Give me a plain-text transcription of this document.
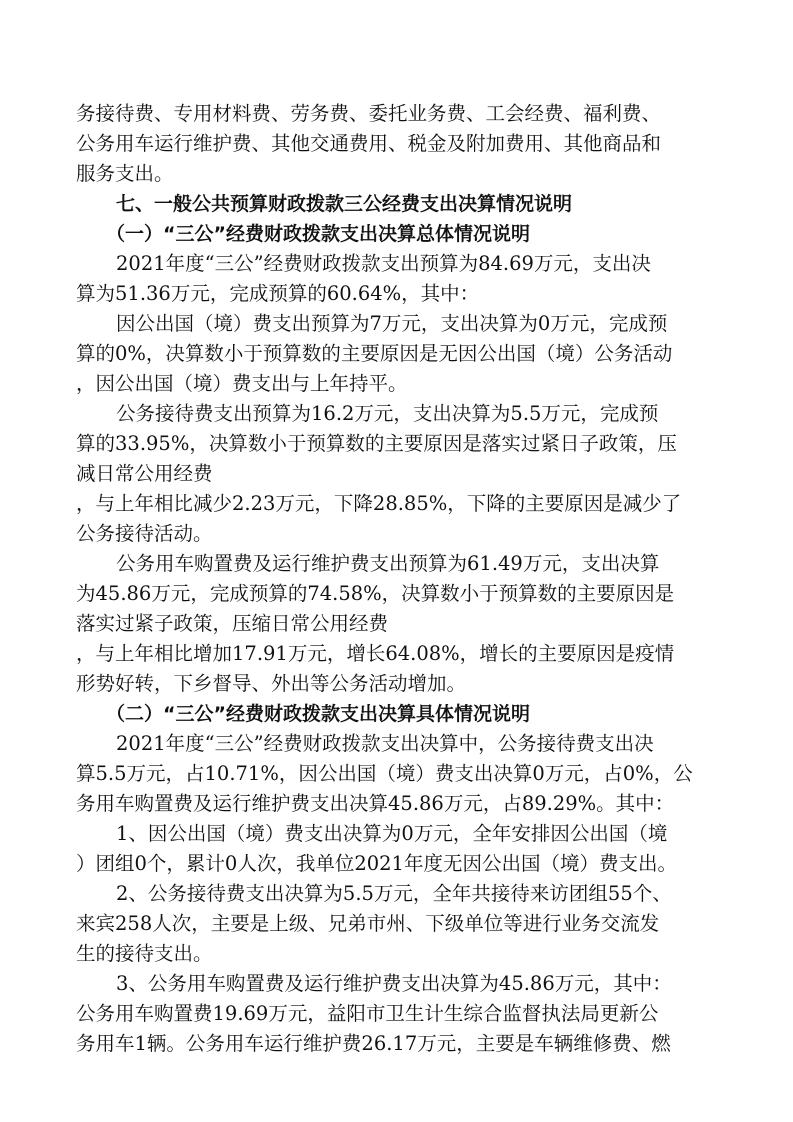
务接待费、专用材料费、劳务费、委托业务费、工会经费、福利费、
公务用车运行维护费、其他交通费用、税金及附加费用、其他商品和
服务支出。
七、一般公共预算财政拨款三公经费支出决算情况说明
（一）“三公”经费财政拨款支出决算总体情况说明
2021年度“三公”经费财政拨款支出预算为84.69万元，支出决
算为51.36万元，完成预算的60.64%，其中：
因公出国（境）费支出预算为7万元，支出决算为0万元，完成预
算的0%，决算数小于预算数的主要原因是无因公出国（境）公务活动
，因公出国（境）费支出与上年持平。
公务接待费支出预算为16.2万元，支出决算为5.5万元，完成预
算的33.95%，决算数小于预算数的主要原因是落实过紧日子政策，压
减日常公用经费
，与上年相比减少2.23万元，下降28.85%，下降的主要原因是减少了
公务接待活动。
公务用车购置费及运行维护费支出预算为61.49万元，支出决算
为45.86万元，完成预算的74.58%，决算数小于预算数的主要原因是
落实过紧子政策，压缩日常公用经费
，与上年相比增加17.91万元，增长64.08%，增长的主要原因是疫情
形势好转，下乡督导、外出等公务活动增加。
（二）“三公”经费财政拨款支出决算具体情况说明
2021年度“三公”经费财政拨款支出决算中，公务接待费支出决
算5.5万元，占10.71%，因公出国（境）费支出决算0万元，占0%，公
务用车购置费及运行维护费支出决算45.86万元，占89.29%。其中：
1、因公出国（境）费支出决算为0万元，全年安排因公出国（境
）团组0个，累计0人次，我单位2021年度无因公出国（境）费支出。
2、公务接待费支出决算为5.5万元，全年共接待来访团组55个、
来宾258人次，主要是上级、兄弟市州、下级单位等进行业务交流发
生的接待支出。
3、公务用车购置费及运行维护费支出决算为45.86万元，其中：
公务用车购置费19.69万元，益阳市卫生计生综合监督执法局更新公
务用车1辆。公务用车运行维护费26.17万元，主要是车辆维修费、燃
